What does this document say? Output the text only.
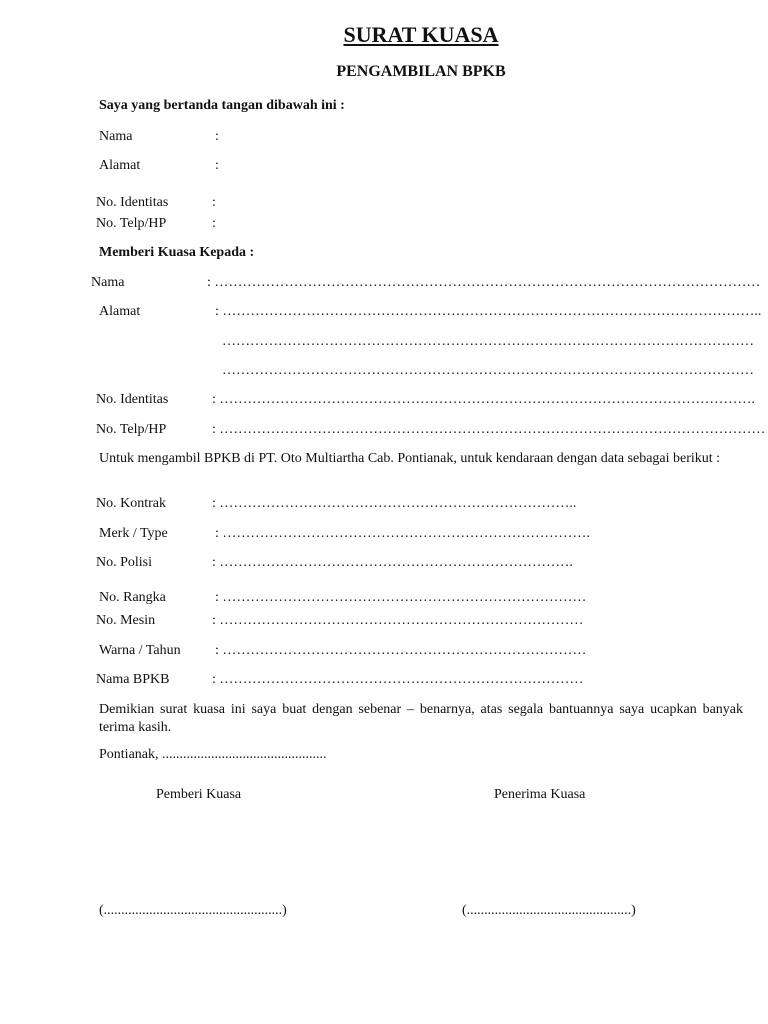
SURAT KUASA
PENGAMBILAN BPKB
Saya yang bertanda tangan dibawah ini :
Nama	:
Alamat	:
No. Identitas	:
No. Telp/HP	:
Memberi Kuasa Kepada :
Nama	: ………………………………………………………………………………………………………
Alamat	: ……………………………………………………………………………………………………..
……………………………………………………………………………………………………
……………………………………………………………………………………………………
No. Identitas	: …………………………………………………………………………………………………….
No. Telp/HP	: ………………………………………………………………………………………………………
Untuk mengambil BPKB di PT. Oto Multiartha Cab. Pontianak, untuk kendaraan dengan data sebagai berikut :
No. Kontrak	: …………………………………………………………………..
Merk / Type	: …………………………………………………………………….
No. Polisi	: ………………………………………………………………….
No. Rangka	: ……………………………………………………………………
No. Mesin	: ……………………………………………………………………
Warna / Tahun : ……………………………………………………………………
Nama BPKB	: ……………………………………………………………………
Demikian surat kuasa ini saya buat dengan sebenar – benarnya, atas segala bantuannya saya ucapkan banyak terima kasih.
Pontianak, ...............................................
Pemberi Kuasa	Penerima Kuasa
(...................................................)	(...............................................)
